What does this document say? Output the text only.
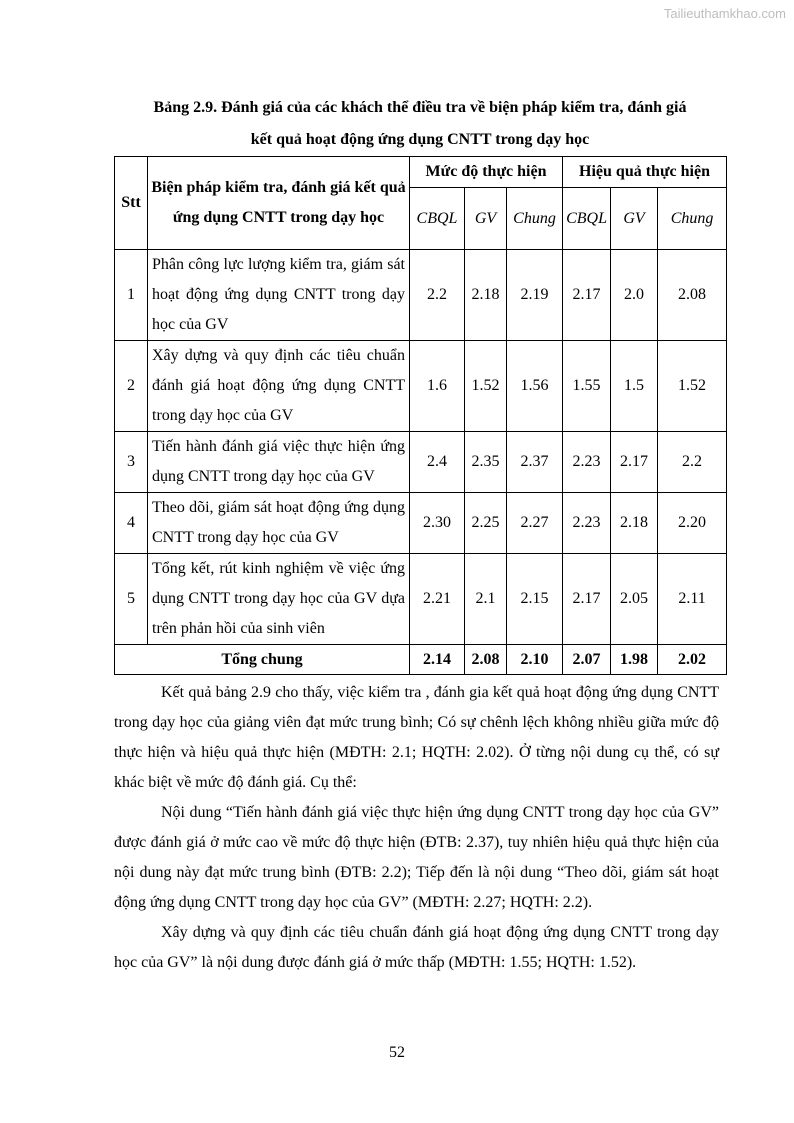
Tailieuthamkhao.com
Bảng 2.9. Đánh giá của các khách thể điều tra về biện pháp kiểm tra, đánh giá
kết quả hoạt động ứng dụng CNTT trong dạy học
Stt	Biện pháp kiểm tra, đánh giá kết quả ứng dụng CNTT trong dạy học	Mức độ thực hiện			Hiệu quả thực hiện		
		CBQL	GV	Chung	CBQL	GV	Chung
1	Phân công lực lượng kiểm tra, giám sát hoạt động ứng dụng CNTT trong dạy học của GV	2.2	2.18	2.19	2.17	2.0	2.08
2	Xây dựng và quy định các tiêu chuẩn đánh giá hoạt động ứng dụng CNTT trong dạy học của GV	1.6	1.52	1.56	1.55	1.5	1.52
3	Tiến hành đánh giá việc thực hiện ứng dụng CNTT trong dạy học của GV	2.4	2.35	2.37	2.23	2.17	2.2
4	Theo dõi, giám sát hoạt động ứng dụng CNTT trong dạy học của GV	2.30	2.25	2.27	2.23	2.18	2.20
5	Tổng kết, rút kinh nghiệm về việc ứng dụng CNTT trong dạy học của GV dựa trên phản hồi của sinh viên	2.21	2.1	2.15	2.17	2.05	2.11
Tổng chung		2.14	2.08	2.10	2.07	1.98	2.02

Kết quả bảng 2.9 cho thấy, việc kiểm tra , đánh gia kết quả hoạt động ứng dụng CNTT trong dạy học của giảng viên đạt mức trung bình; Có sự chênh lệch không nhiều giữa mức độ thực hiện và hiệu quả thực hiện (MĐTH: 2.1; HQTH: 2.02). Ở từng nội dung cụ thể, có sự khác biệt về mức độ đánh giá. Cụ thể:

Nội dung “Tiến hành đánh giá việc thực hiện ứng dụng CNTT trong dạy học của GV” được đánh giá ở mức cao về mức độ thực hiện (ĐTB: 2.37), tuy nhiên hiệu quả thực hiện của nội dung này đạt mức trung bình (ĐTB: 2.2); Tiếp đến là nội dung “Theo dõi, giám sát hoạt động ứng dụng CNTT trong dạy học của GV” (MĐTH: 2.27; HQTH: 2.2).

Xây dựng và quy định các tiêu chuẩn đánh giá hoạt động ứng dụng CNTT trong dạy học của GV” là nội dung được đánh giá ở mức thấp (MĐTH: 1.55; HQTH: 1.52).

52
